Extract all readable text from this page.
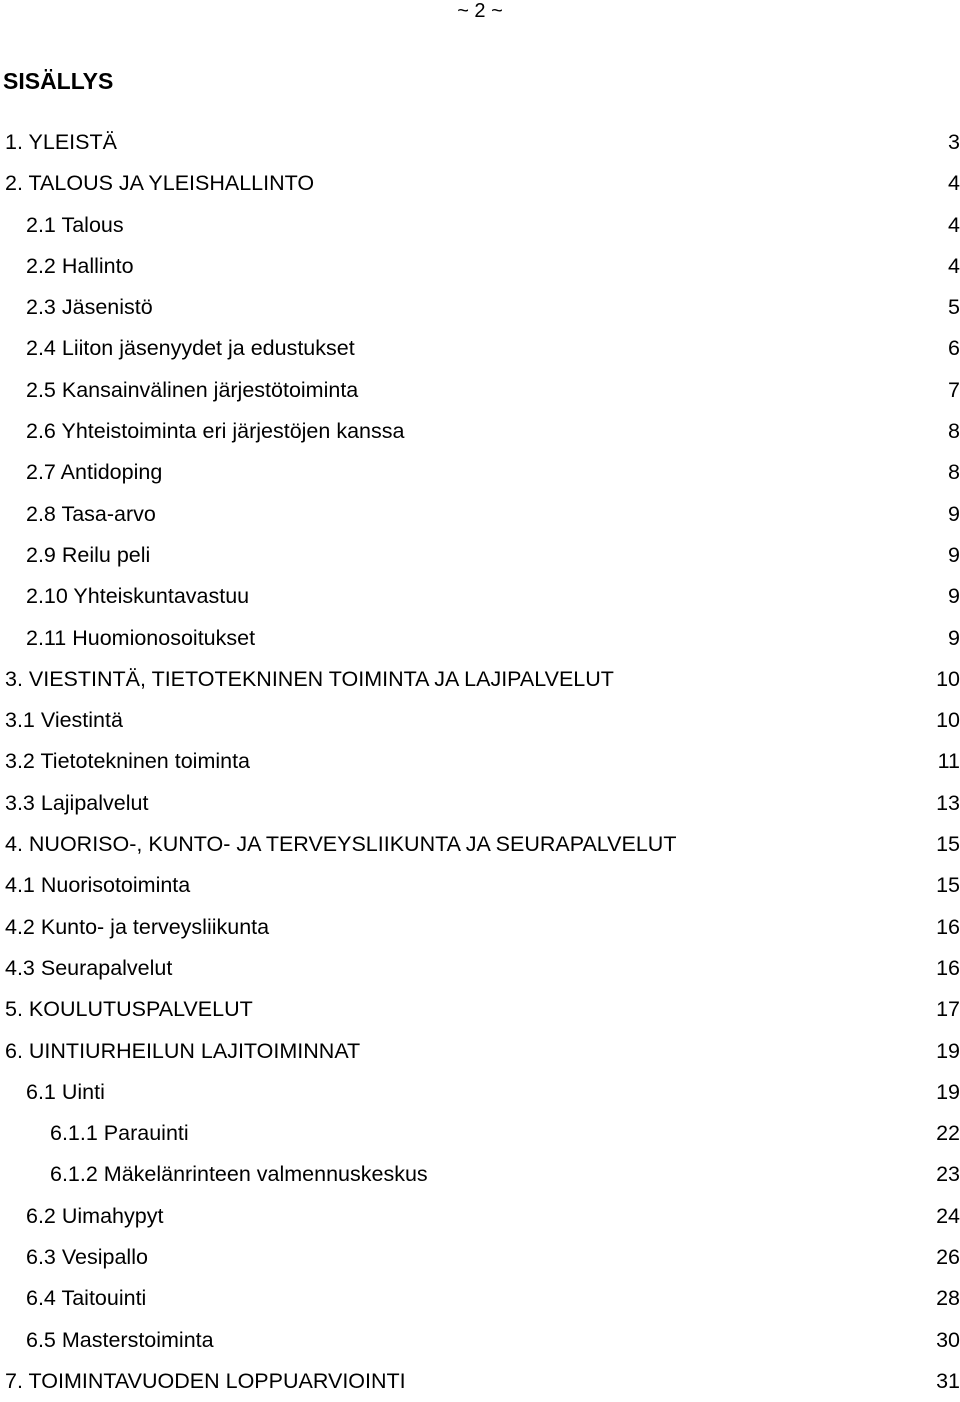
~ 2 ~
SISÄLLYS
1. YLEISTÄ	3
2. TALOUS JA YLEISHALLINTO	4
2.1 Talous	4
2.2 Hallinto	4
2.3 Jäsenistö	5
2.4 Liiton jäsenyydet ja edustukset	6
2.5 Kansainvälinen järjestötoiminta	7
2.6 Yhteistoiminta eri järjestöjen kanssa	8
2.7 Antidoping	8
2.8 Tasa-arvo	9
2.9 Reilu peli	9
2.10 Yhteiskuntavastuu	9
2.11 Huomionosoitukset	9
3. VIESTINTÄ, TIETOTEKNINEN TOIMINTA JA LAJIPALVELUT	10
3.1 Viestintä	10
3.2 Tietotekninen toiminta	11
3.3 Lajipalvelut	13
4. NUORISO-, KUNTO- JA TERVEYSLIIKUNTA JA SEURAPALVELUT	15
4.1 Nuorisotoiminta	15
4.2 Kunto- ja terveysliikunta	16
4.3 Seurapalvelut	16
5. KOULUTUSPALVELUT	17
6. UINTIURHEILUN LAJITOIMINNAT	19
6.1 Uinti	19
6.1.1 Parauinti	22
6.1.2 Mäkelänrinteen valmennuskeskus	23
6.2 Uimahypyt	24
6.3 Vesipallo	26
6.4 Taitouinti	28
6.5 Masterstoiminta	30
7. TOIMINTAVUODEN LOPPUARVIOINTI	31
